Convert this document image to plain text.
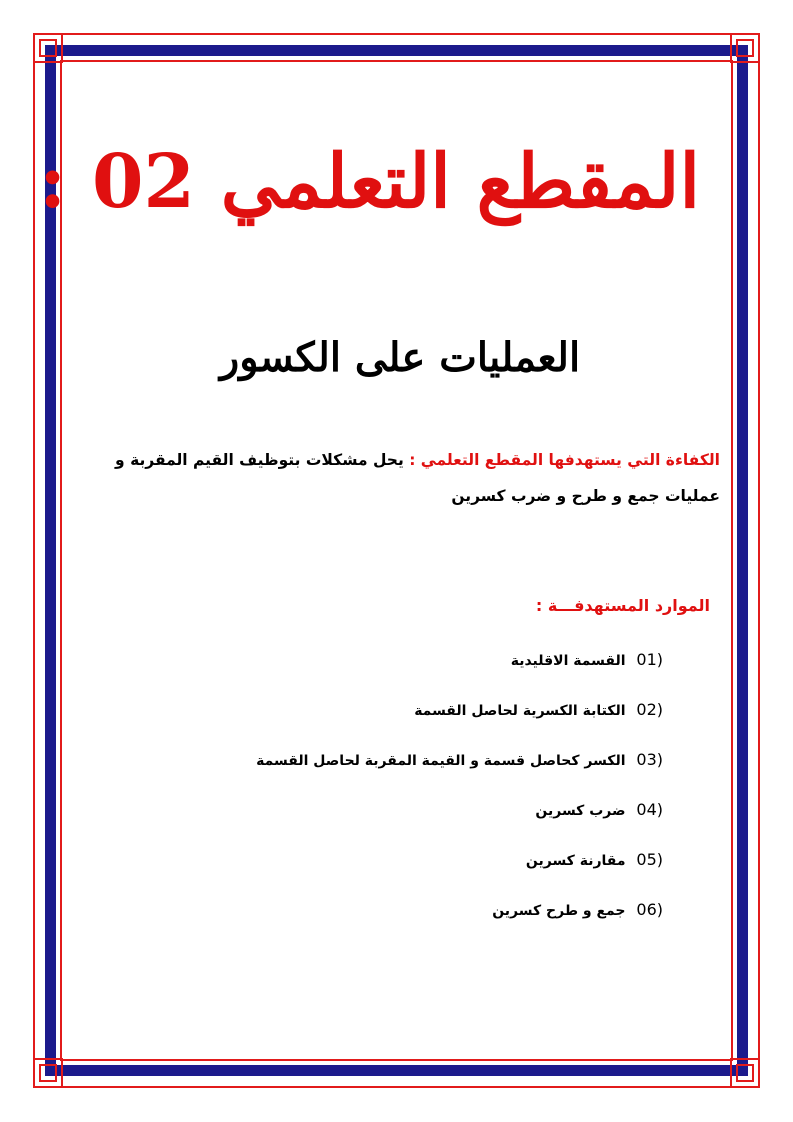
المقطع التعلمي 02 :
العمليات على الكسور
الكفاءة التي يستهدفها المقطع التعلمي : يحل مشكلات بتوظيف القيم المقربة و عمليات جمع و طرح و ضرب كسرين
الموارد المستهدفـــة :
01) القسمة الاقليدية
02) الكتابة الكسرية لحاصل القسمة
03) الكسر كحاصل قسمة و القيمة المقربة لحاصل القسمة
04) ضرب كسرين
05) مقارنة كسرين
06) جمع و طرح كسرين
